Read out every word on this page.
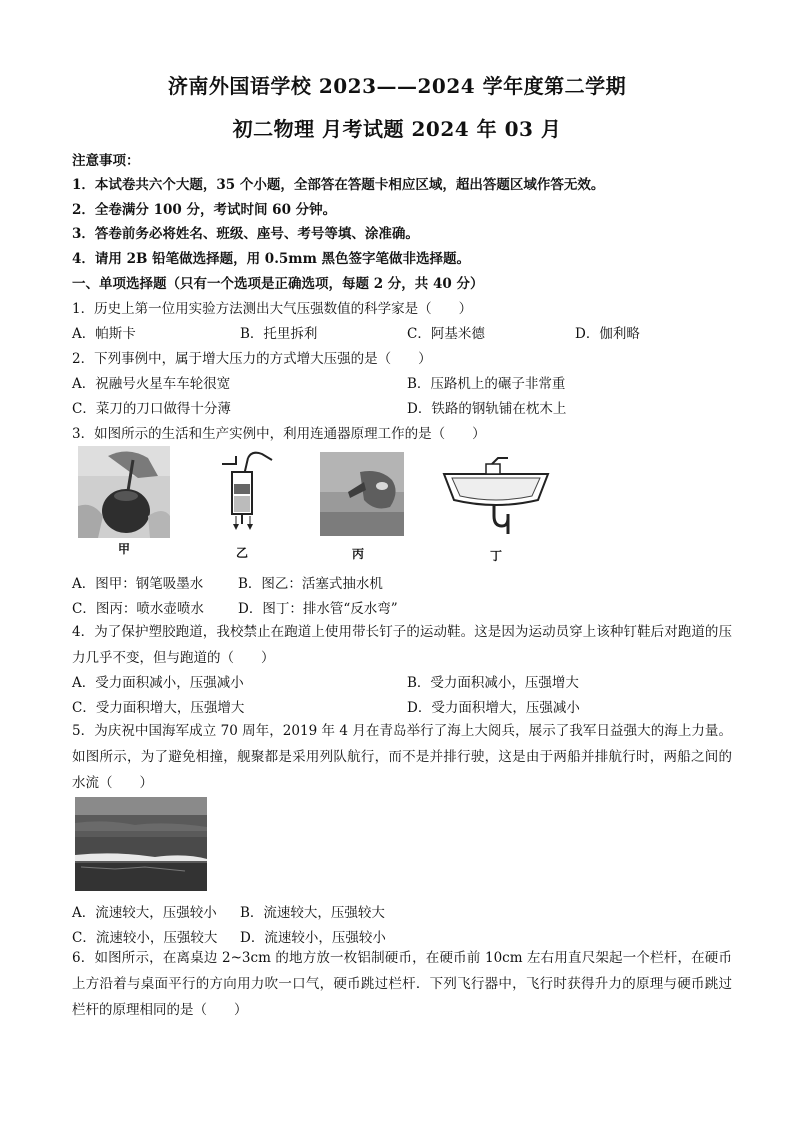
济南外国语学校 2023——2024 学年度第二学期
初二物理 月考试题 2024 年 03 月
注意事项：
1．本试卷共六个大题，35 个小题，全部答在答题卡相应区域，超出答题区域作答无效。
2．全卷满分 100 分，考试时间 60 分钟。
3．答卷前务必将姓名、班级、座号、考号等填、涂准确。
4．请用 2B 铅笔做选择题，用 0.5mm 黑色签字笔做非选择题。
一、单项选择题（只有一个选项是正确选项，每题 2 分，共 40 分）
1．历史上第一位用实验方法测出大气压强数值的科学家是（　　）
A．帕斯卡	B．托里拆利	C．阿基米德	D．伽利略
2．下列事例中，属于增大压力的方式增大压强的是（　　）
A．祝融号火星车车轮很宽	B．压路机上的碾子非常重
C．菜刀的刀口做得十分薄	D．铁路的钢轨铺在枕木上
3．如图所示的生活和生产实例中，利用连通器原理工作的是（　　）
甲	乙	丙	丁
A．图甲：钢笔吸墨水	B．图乙：活塞式抽水机
C．图丙：喷水壶喷水	D．图丁：排水管“反水弯”
4．为了保护塑胶跑道，我校禁止在跑道上使用带长钉子的运动鞋。这是因为运动员穿上该种钉鞋后对跑道的压力几乎不变，但与跑道的（　　）
A．受力面积减小，压强减小	B．受力面积减小，压强增大
C．受力面积增大，压强增大	D．受力面积增大，压强减小
5．为庆祝中国海军成立 70 周年，2019 年 4 月在青岛举行了海上大阅兵，展示了我军日益强大的海上力量。如图所示，为了避免相撞，舰聚都是采用列队航行，而不是并排行驶，这是由于两船并排航行时，两船之间的水流（　　）
A．流速较大，压强较小 B．流速较大，压强较大
C．流速较小，压强较大 D．流速较小，压强较小
6．如图所示，在离桌边 2~3cm 的地方放一枚铝制硬币，在硬币前 10cm 左右用直尺架起一个栏杆，在硬币上方沿着与桌面平行的方向用力吹一口气，硬币跳过栏杆．下列飞行器中，飞行时获得升力的原理与硬币跳过栏杆的原理相同的是（　　）
